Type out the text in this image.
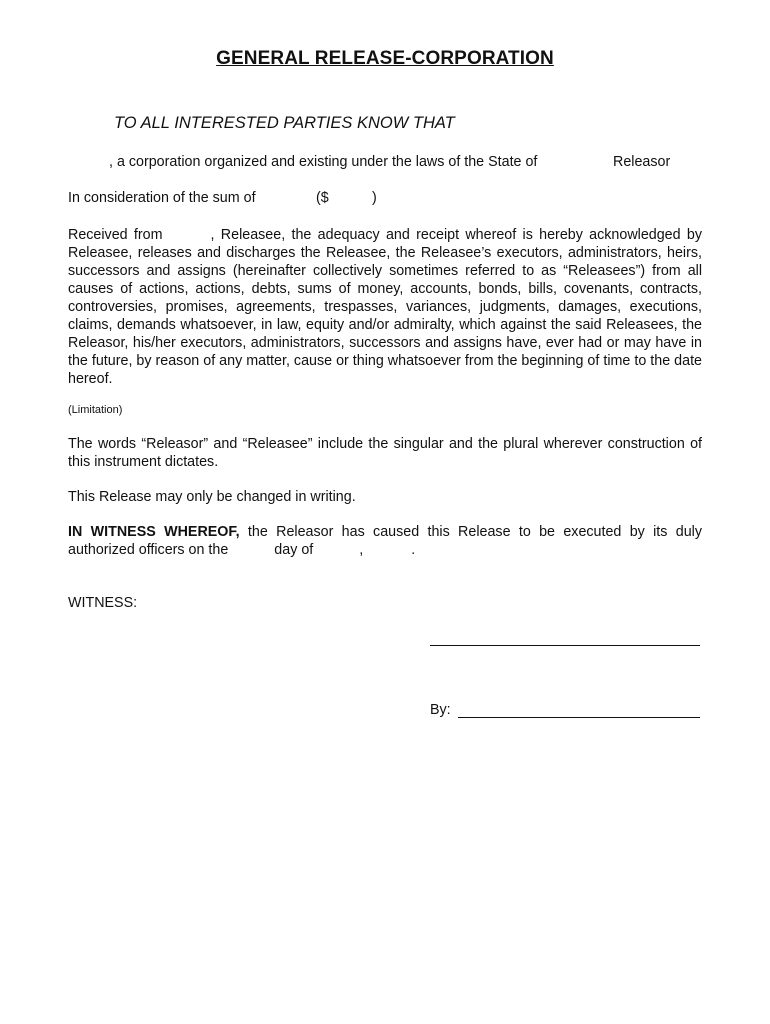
GENERAL RELEASE-CORPORATION
TO ALL INTERESTED PARTIES KNOW THAT
, a corporation organized and existing under the laws of the State of	Releasor
In consideration of the sum of	($	)
Received from	, Releasee, the adequacy and receipt whereof is hereby acknowledged by Releasee, releases and discharges the Releasee, the Releasee’s executors, administrators, heirs, successors and assigns (hereinafter collectively sometimes referred to as “Releasees”) from all causes of actions, actions, debts, sums of money, accounts, bonds, bills, covenants, contracts, controversies, promises, agreements, trespasses, variances, judgments, damages, executions, claims, demands whatsoever, in law, equity and/or admiralty, which against the said Releasees, the Releasor, his/her executors, administrators, successors and assigns have, ever had or may have in the future, by reason of any matter, cause or thing whatsoever from the beginning of time to the date hereof.
(Limitation)
The words “Releasor” and “Releasee” include the singular and the plural wherever construction of this instrument dictates.
This Release may only be changed in writing.
IN WITNESS WHEREOF, the Releasor has caused this Release to be executed by its duly authorized officers on the	day of	,	.
WITNESS:
By:
